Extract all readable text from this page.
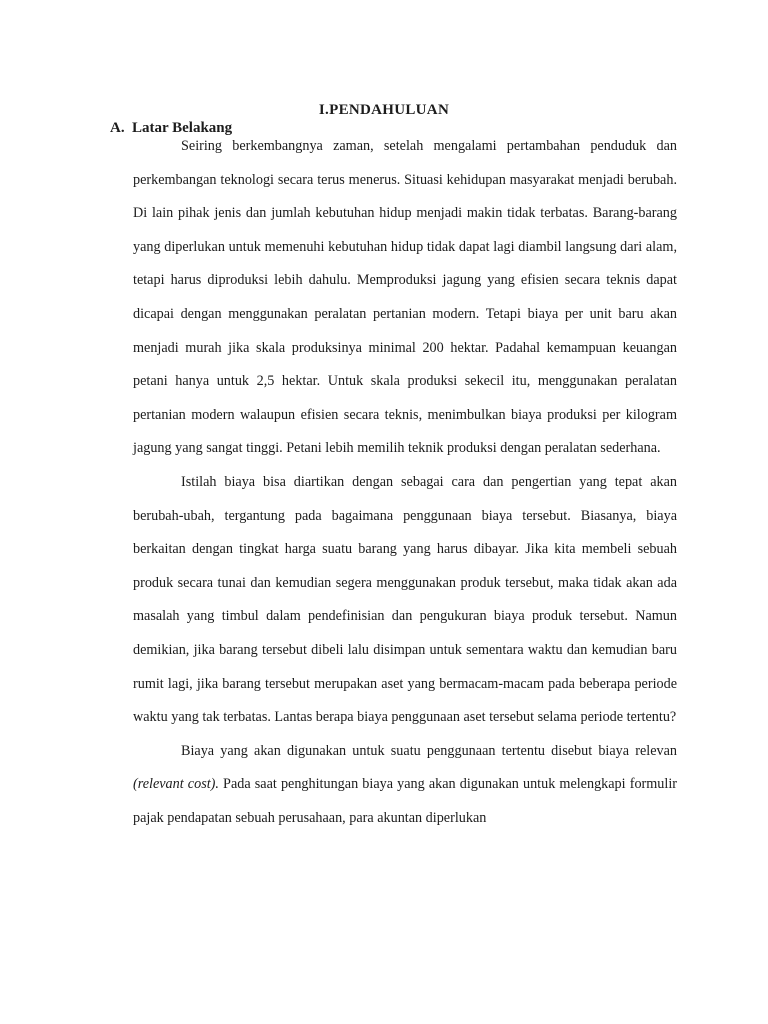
I.PENDAHULUAN
A. Latar Belakang

Seiring berkembangnya zaman, setelah mengalami pertambahan penduduk dan perkembangan teknologi secara terus menerus. Situasi kehidupan masyarakat menjadi berubah. Di lain pihak jenis dan jumlah kebutuhan hidup menjadi makin tidak terbatas. Barang-barang yang diperlukan untuk memenuhi kebutuhan hidup tidak dapat lagi diambil langsung dari alam, tetapi harus diproduksi lebih dahulu. Memproduksi jagung yang efisien secara teknis dapat dicapai dengan menggunakan peralatan pertanian modern. Tetapi biaya per unit baru akan menjadi murah jika skala produksinya minimal 200 hektar. Padahal kemampuan keuangan petani hanya untuk 2,5 hektar. Untuk skala produksi sekecil itu, menggunakan peralatan pertanian modern walaupun efisien secara teknis, menimbulkan biaya produksi per kilogram jagung yang sangat tinggi. Petani lebih memilih teknik produksi dengan peralatan sederhana.

Istilah biaya bisa diartikan dengan sebagai cara dan pengertian yang tepat akan berubah-ubah, tergantung pada bagaimana penggunaan biaya tersebut. Biasanya, biaya berkaitan dengan tingkat harga suatu barang yang harus dibayar. Jika kita membeli sebuah produk secara tunai dan kemudian segera menggunakan produk tersebut, maka tidak akan ada masalah yang timbul dalam pendefinisian dan pengukuran biaya produk tersebut. Namun demikian, jika barang tersebut dibeli lalu disimpan untuk sementara waktu dan kemudian baru rumit lagi, jika barang tersebut merupakan aset yang bermacam-macam pada beberapa periode waktu yang tak terbatas. Lantas berapa biaya penggunaan aset tersebut selama periode tertentu?

Biaya yang akan digunakan untuk suatu penggunaan tertentu disebut biaya relevan (relevant cost). Pada saat penghitungan biaya yang akan digunakan untuk melengkapi formulir pajak pendapatan sebuah perusahaan, para akuntan diperlukan
